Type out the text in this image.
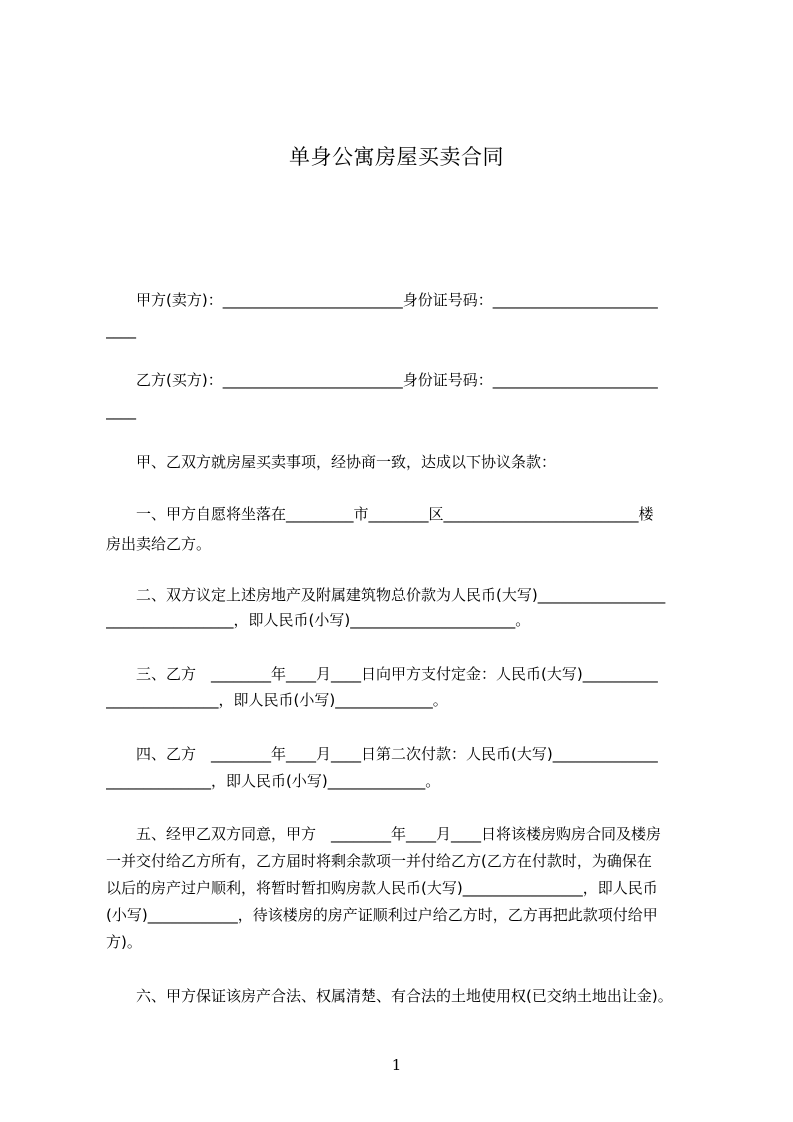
单身公寓房屋买卖合同
　　甲方(卖方)：________________________身份证号码：______________________
____
　　乙方(买方)：________________________身份证号码：______________________
____
　　甲、乙双方就房屋买卖事项，经协商一致，达成以下协议条款：
　　一、甲方自愿将坐落在_________市________区__________________________楼
房出卖给乙方。
　　二、双方议定上述房地产及附属建筑物总价款为人民币(大写)_________________
_________________，即人民币(小写)______________________。
　　三、乙方　________年____月____日向甲方支付定金：人民币(大写)__________
_______________，即人民币(小写)_____________。
　　四、乙方　________年____月____日第二次付款：人民币(大写)______________
______________，即人民币(小写)_____________。
　　五、经甲乙双方同意，甲方　________年____月____日将该楼房购房合同及楼房
一并交付给乙方所有，乙方届时将剩余款项一并付给乙方(乙方在付款时，为确保在
以后的房产过户顺利，将暂时暂扣购房款人民币(大写)________________，即人民币
(小写)____________，待该楼房的房产证顺利过户给乙方时，乙方再把此款项付给甲
方)。
　　六、甲方保证该房产合法、权属清楚、有合法的土地使用权(已交纳土地出让金)。
1
